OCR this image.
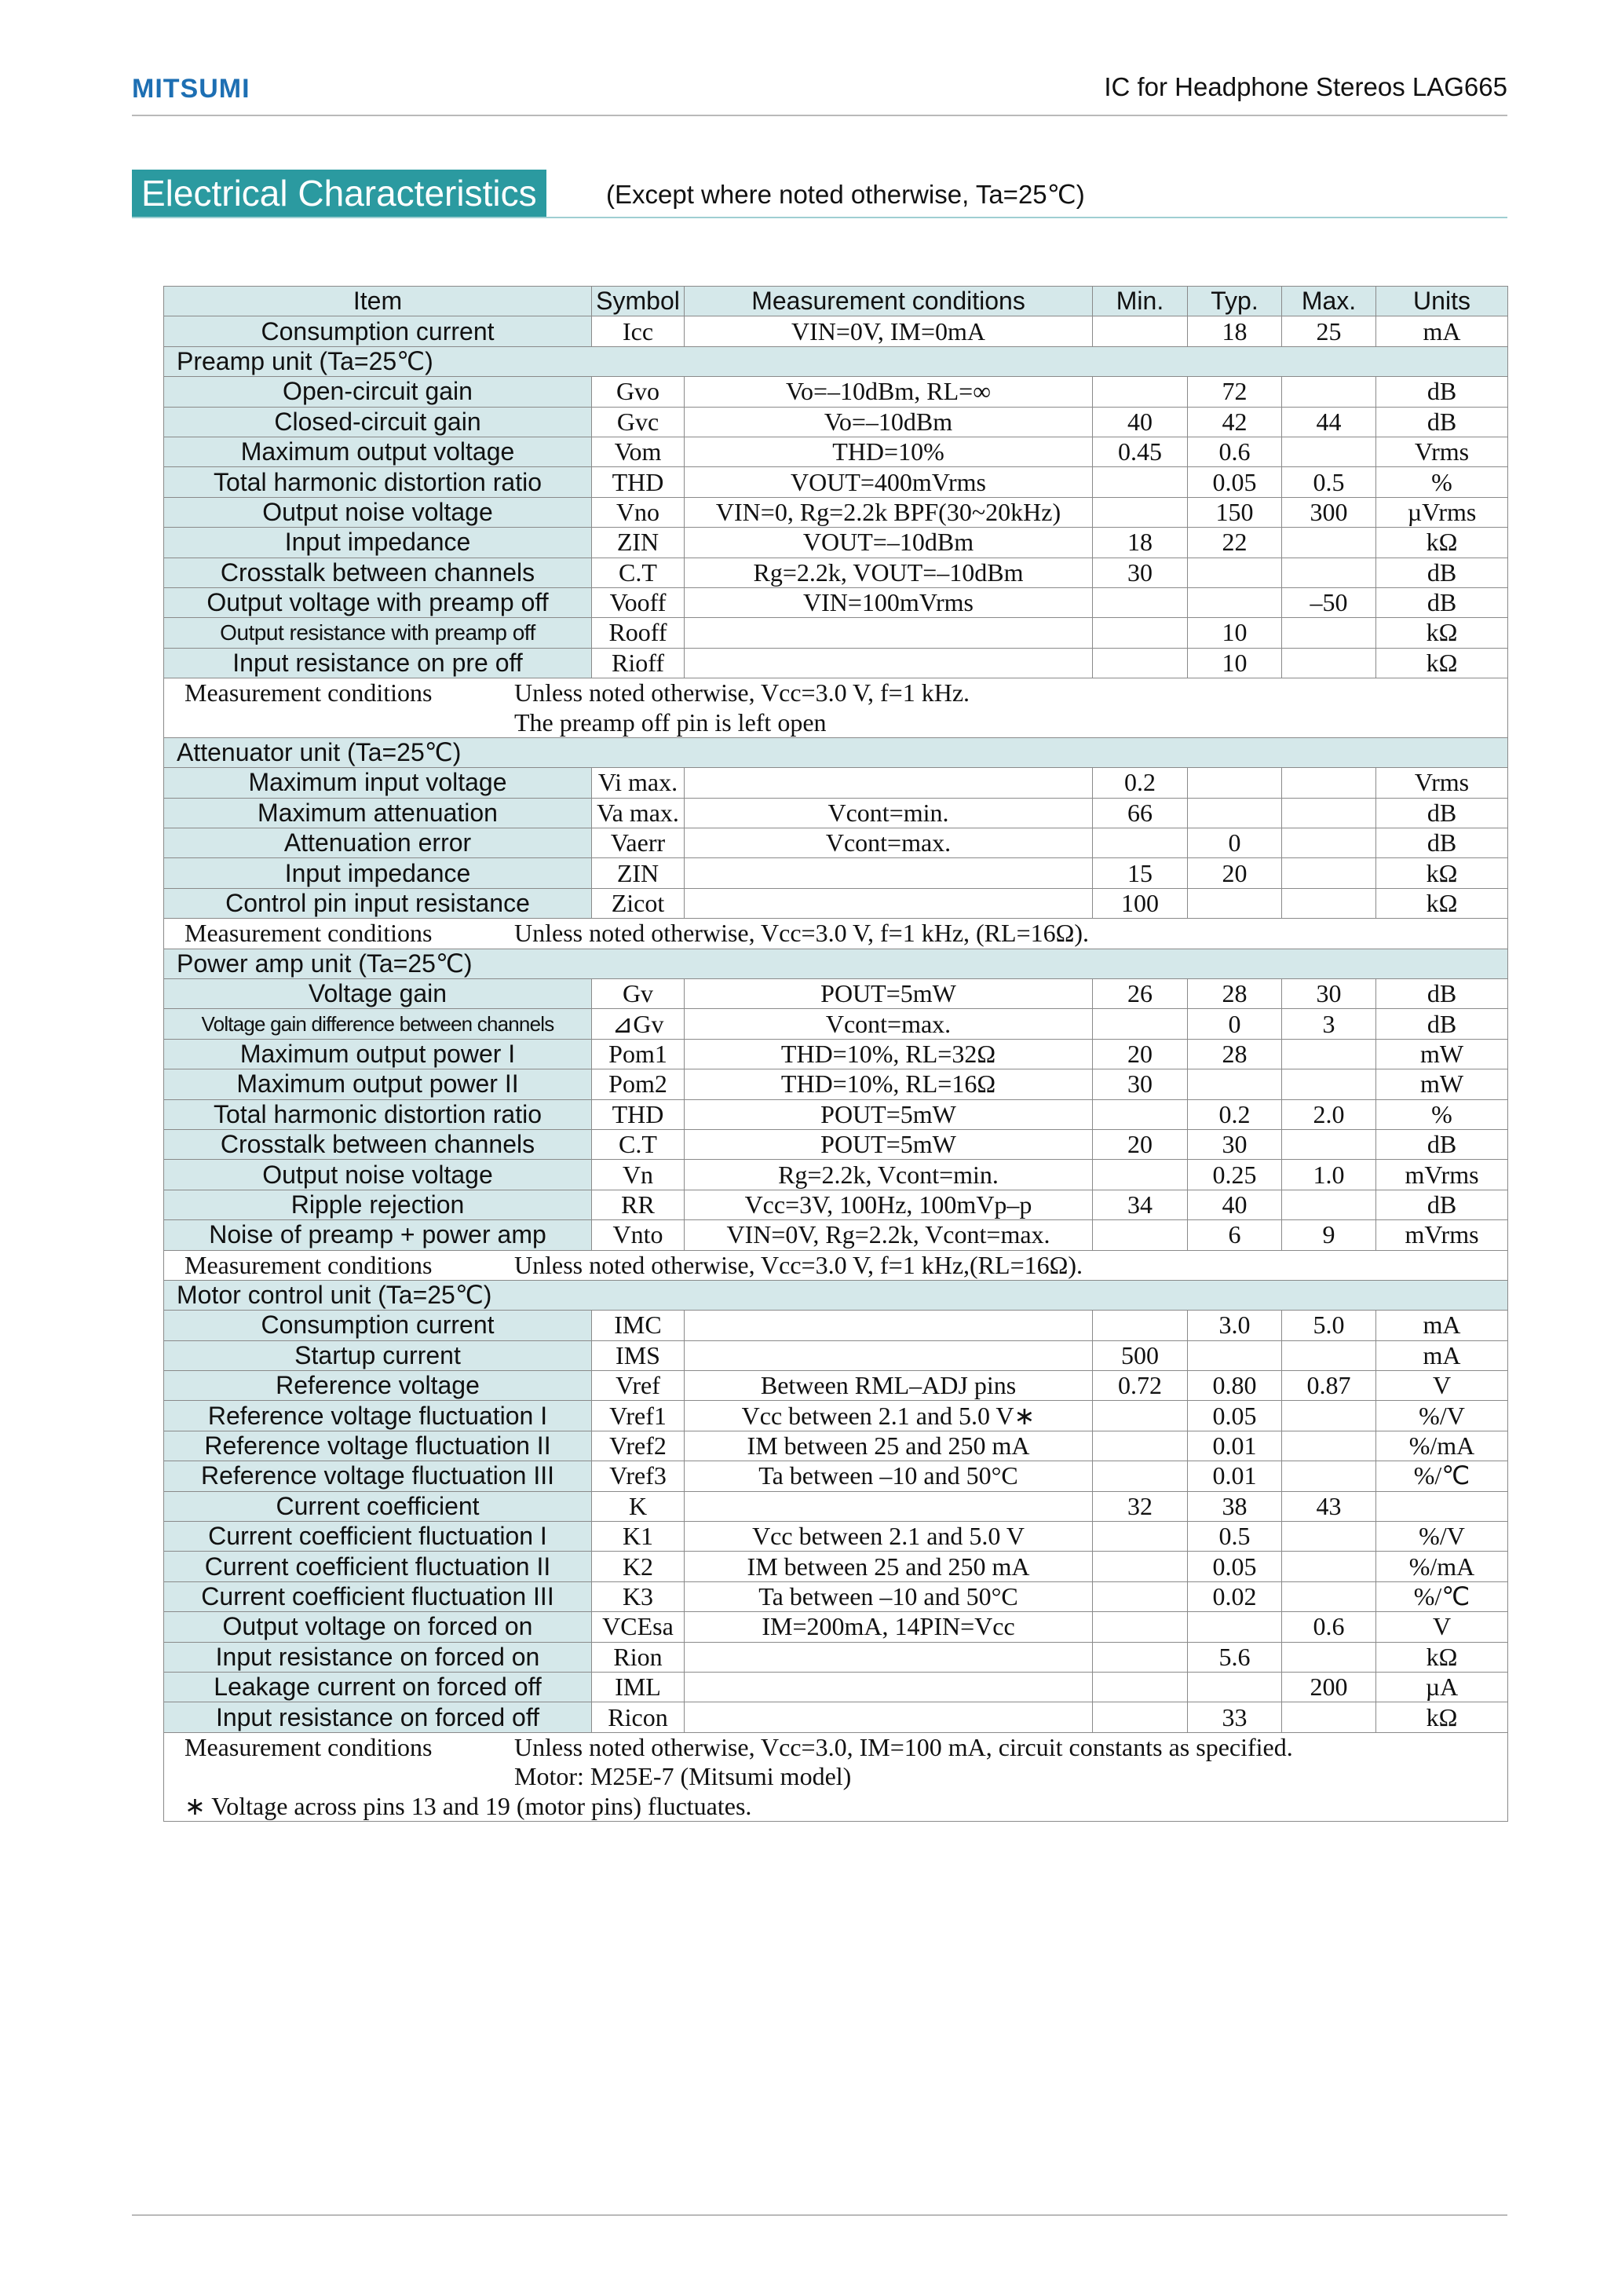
MITSUMI	IC for Headphone Stereos LAG665
Electrical Characteristics	(Except where noted otherwise, Ta=25℃)
Item	Symbol	Measurement conditions	Min.	Typ.	Max.	Units
Consumption current	Icc	VIN=0V, IM=0mA		18	25	mA
Preamp unit (Ta=25℃)						
Open-circuit gain	Gvo	Vo=–10dBm, RL=∞		72		dB
Closed-circuit gain	Gvc	Vo=–10dBm	40	42	44	dB
Maximum output voltage	Vom	THD=10%	0.45	0.6		Vrms
Total harmonic distortion ratio	THD	VOUT=400mVrms		0.05	0.5	%
Output noise voltage	Vno	VIN=0, Rg=2.2k BPF(30~20kHz)		150	300	µVrms
Input impedance	ZIN	VOUT=–10dBm	18	22		kΩ
Crosstalk between channels	C.T	Rg=2.2k, VOUT=–10dBm	30			dB
Output voltage with preamp off	Vooff	VIN=100mVrms			–50	dB
Output resistance with preamp off	Rooff			10		kΩ
Input resistance on pre off	Rioff			10		kΩ
Measurement conditions Unless noted otherwise, Vcc=3.0 V, f=1 kHz.						
The preamp off pin is left open						
Attenuator unit (Ta=25℃)						
Maximum input voltage	Vi max.		0.2			Vrms
Maximum attenuation	Va max.	Vcont=min.	66			dB
Attenuation error	Vaerr	Vcont=max.		0		dB
Input impedance	ZIN		15	20		kΩ
Control pin input resistance	Zicot		100			kΩ
Measurement conditions Unless noted otherwise, Vcc=3.0 V, f=1 kHz, (RL=16Ω).						
Power amp unit (Ta=25℃)						
Voltage gain	Gv	POUT=5mW	26	28	30	dB
Voltage gain difference between channels	⊿Gv	Vcont=max.		0	3	dB
Maximum output power I	Pom1	THD=10%, RL=32Ω	20	28		mW
Maximum output power II	Pom2	THD=10%, RL=16Ω	30			mW
Total harmonic distortion ratio	THD	POUT=5mW		0.2	2.0	%
Crosstalk between channels	C.T	POUT=5mW	20	30		dB
Output noise voltage	Vn	Rg=2.2k, Vcont=min.		0.25	1.0	mVrms
Ripple rejection	RR	Vcc=3V, 100Hz, 100mVp–p	34	40		dB
Noise of preamp + power amp	Vnto	VIN=0V, Rg=2.2k, Vcont=max.		6	9	mVrms
Measurement conditions Unless noted otherwise, Vcc=3.0 V, f=1 kHz,(RL=16Ω).						
Motor control unit (Ta=25℃)						
Consumption current	IMC			3.0	5.0	mA
Startup current	IMS		500			mA
Reference voltage	Vref	Between RML–ADJ pins	0.72	0.80	0.87	V
Reference voltage fluctuation I	Vref1	Vcc between 2.1 and 5.0 V∗		0.05		%/V
Reference voltage fluctuation II	Vref2	IM between 25 and 250 mA		0.01		%/mA
Reference voltage fluctuation III	Vref3	Ta between –10 and 50°C		0.01		%/℃
Current coefficient	K		32	38	43	
Current coefficient fluctuation I	K1	Vcc between 2.1 and 5.0 V		0.5		%/V
Current coefficient fluctuation II	K2	IM between 25 and 250 mA		0.05		%/mA
Current coefficient fluctuation III	K3	Ta between –10 and 50°C		0.02		%/℃
Output voltage on forced on	VCEsa	IM=200mA, 14PIN=Vcc			0.6	V
Input resistance on forced on	Rion			5.6		kΩ
Leakage current on forced off	IML				200	µA
Input resistance on forced off	Ricon			33		kΩ
Measurement conditions Unless noted otherwise, Vcc=3.0, IM=100 mA, circuit constants as specified.						
Motor: M25E-7 (Mitsumi model)						
∗ Voltage across pins 13 and 19 (motor pins) fluctuates.						
